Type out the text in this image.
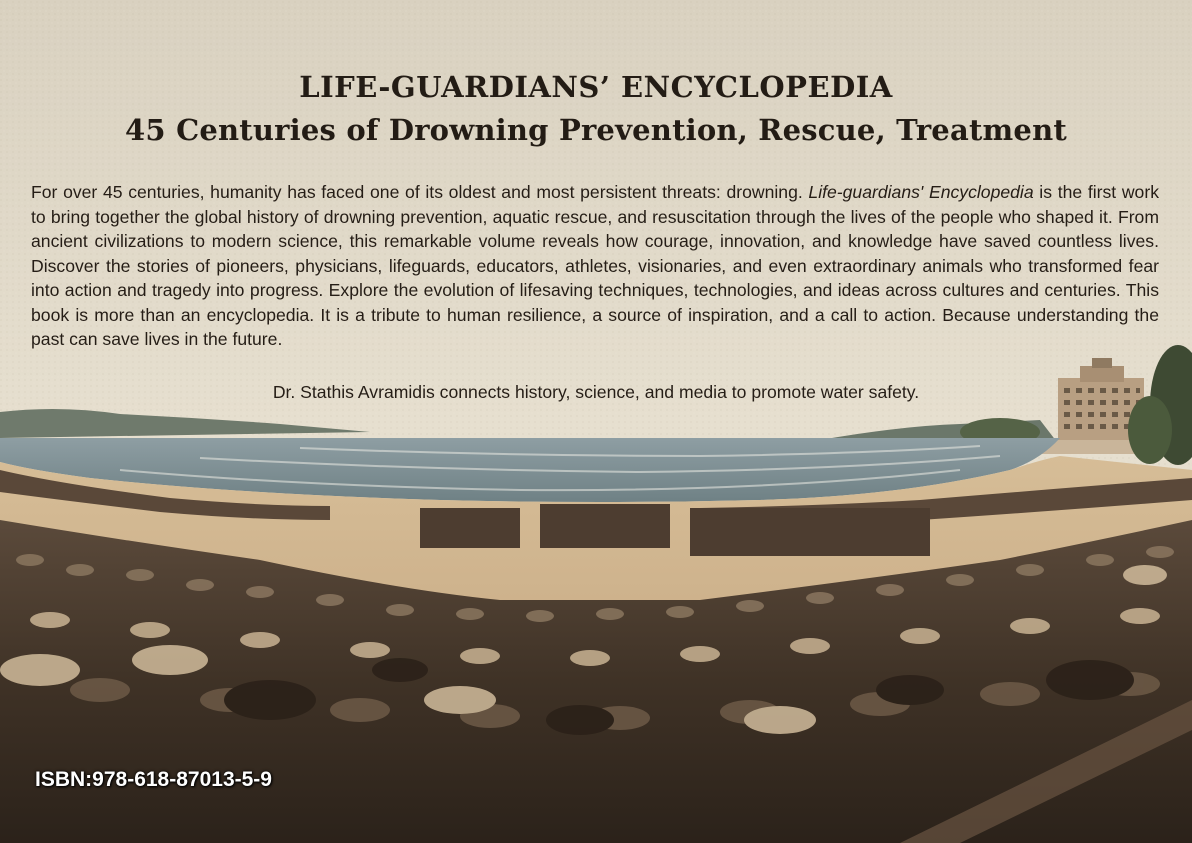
LIFE-GUARDIANS’ ENCYCLOPEDIA
45 Centuries of Drowning Prevention, Rescue, Treatment

For over 45 centuries, humanity has faced one of its oldest and most persistent threats: drowning. Life-guardians' Encyclopedia is the first work to bring together the global history of drowning prevention, aquatic rescue, and resuscitation through the lives of the people who shaped it. From ancient civilizations to modern science, this remarkable volume reveals how courage, innovation, and knowledge have saved countless lives. Discover the stories of pioneers, physicians, lifeguards, educators, athletes, visionaries, and even extraordinary animals who transformed fear into action and tragedy into progress. Explore the evolution of lifesaving techniques, technologies, and ideas across cultures and centuries. This book is more than an encyclopedia. It is a tribute to human resilience, a source of inspiration, and a call to action. Because understanding the past can save lives in the future.

Dr. Stathis Avramidis connects history, science, and media to promote water safety.

ISBN:978-618-87013-5-9
